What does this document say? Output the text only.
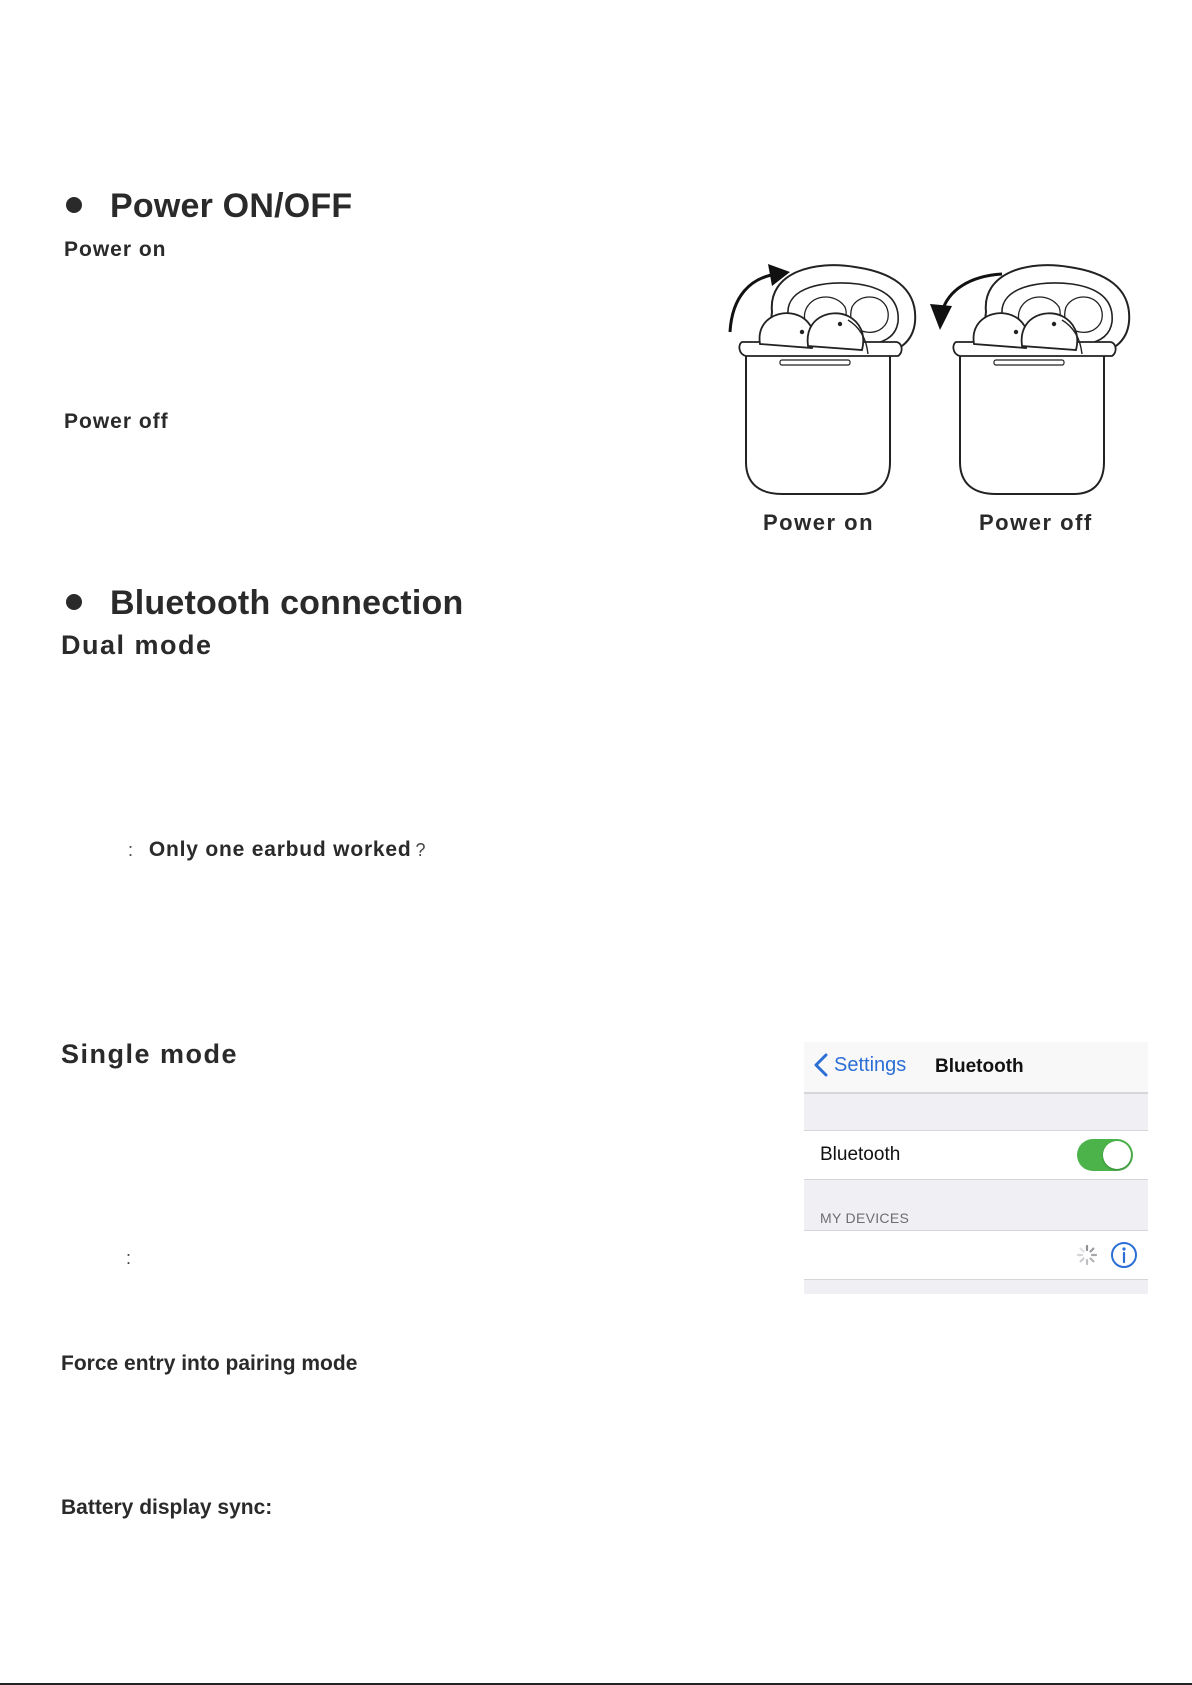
Power ON/OFF
Power on
Power off
Power on	Power off
Bluetooth connection
Dual mode
: Only one earbud worked ?
Single mode
:
Settings Bluetooth
Bluetooth
MY DEVICES
Force entry into pairing mode
Battery display sync:
